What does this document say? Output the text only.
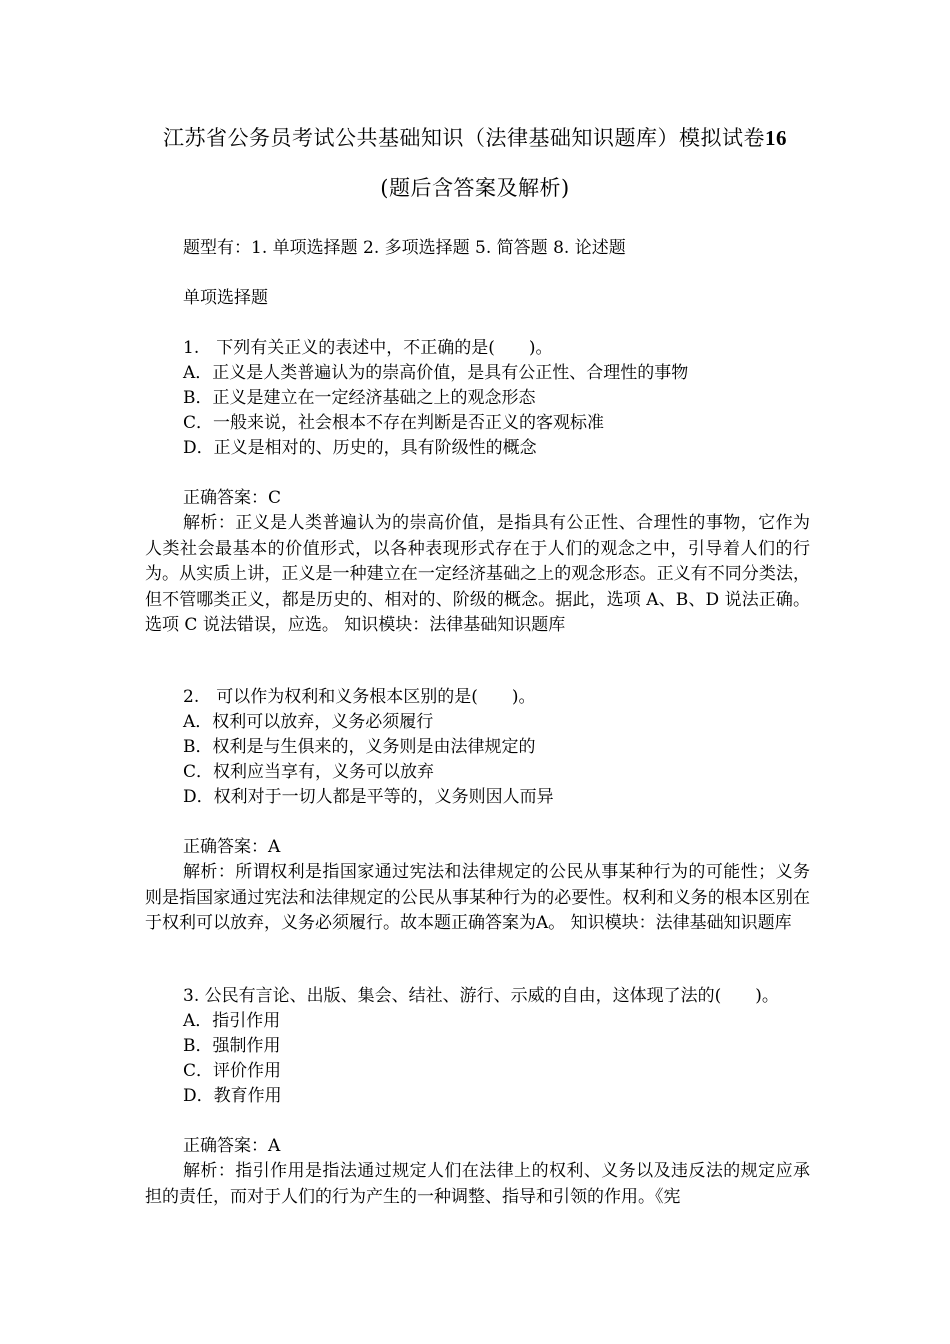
江苏省公务员考试公共基础知识（法律基础知识题库）模拟试卷16
(题后含答案及解析)

题型有：1. 单项选择题 2. 多项选择题 5. 简答题 8. 论述题

单项选择题

1.　下列有关正义的表述中，不正确的是(　　)。

A．正义是人类普遍认为的崇高价值，是具有公正性、合理性的事物

B．正义是建立在一定经济基础之上的观念形态

C．一般来说，社会根本不存在判断是否正义的客观标准

D．正义是相对的、历史的，具有阶级性的概念

正确答案：C

解析：正义是人类普遍认为的崇高价值，是指具有公正性、合理性的事物，它作为人类社会最基本的价值形式，以各种表现形式存在于人们的观念之中，引导着人们的行为。从实质上讲，正义是一种建立在一定经济基础之上的观念形态。正义有不同分类法，但不管哪类正义，都是历史的、相对的、阶级的概念。据此，选项 A、B、D 说法正确。选项 C 说法错误，应选。 知识模块：法律基础知识题库

2.　可以作为权利和义务根本区别的是(　　)。

A．权利可以放弃，义务必须履行

B．权利是与生俱来的，义务则是由法律规定的

C．权利应当享有，义务可以放弃

D．权利对于一切人都是平等的，义务则因人而异

正确答案：A

解析：所谓权利是指国家通过宪法和法律规定的公民从事某种行为的可能性；义务则是指国家通过宪法和法律规定的公民从事某种行为的必要性。权利和义务的根本区别在于权利可以放弃，义务必须履行。故本题正确答案为A。 知识模块：法律基础知识题库

3. 公民有言论、出版、集会、结社、游行、示威的自由，这体现了法的(　　)。

A．指引作用

B．强制作用

C．评价作用

D．教育作用

正确答案：A

解析：指引作用是指法通过规定人们在法律上的权利、义务以及违反法的规定应承担的责任，而对于人们的行为产生的一种调整、指导和引领的作用。《宪
